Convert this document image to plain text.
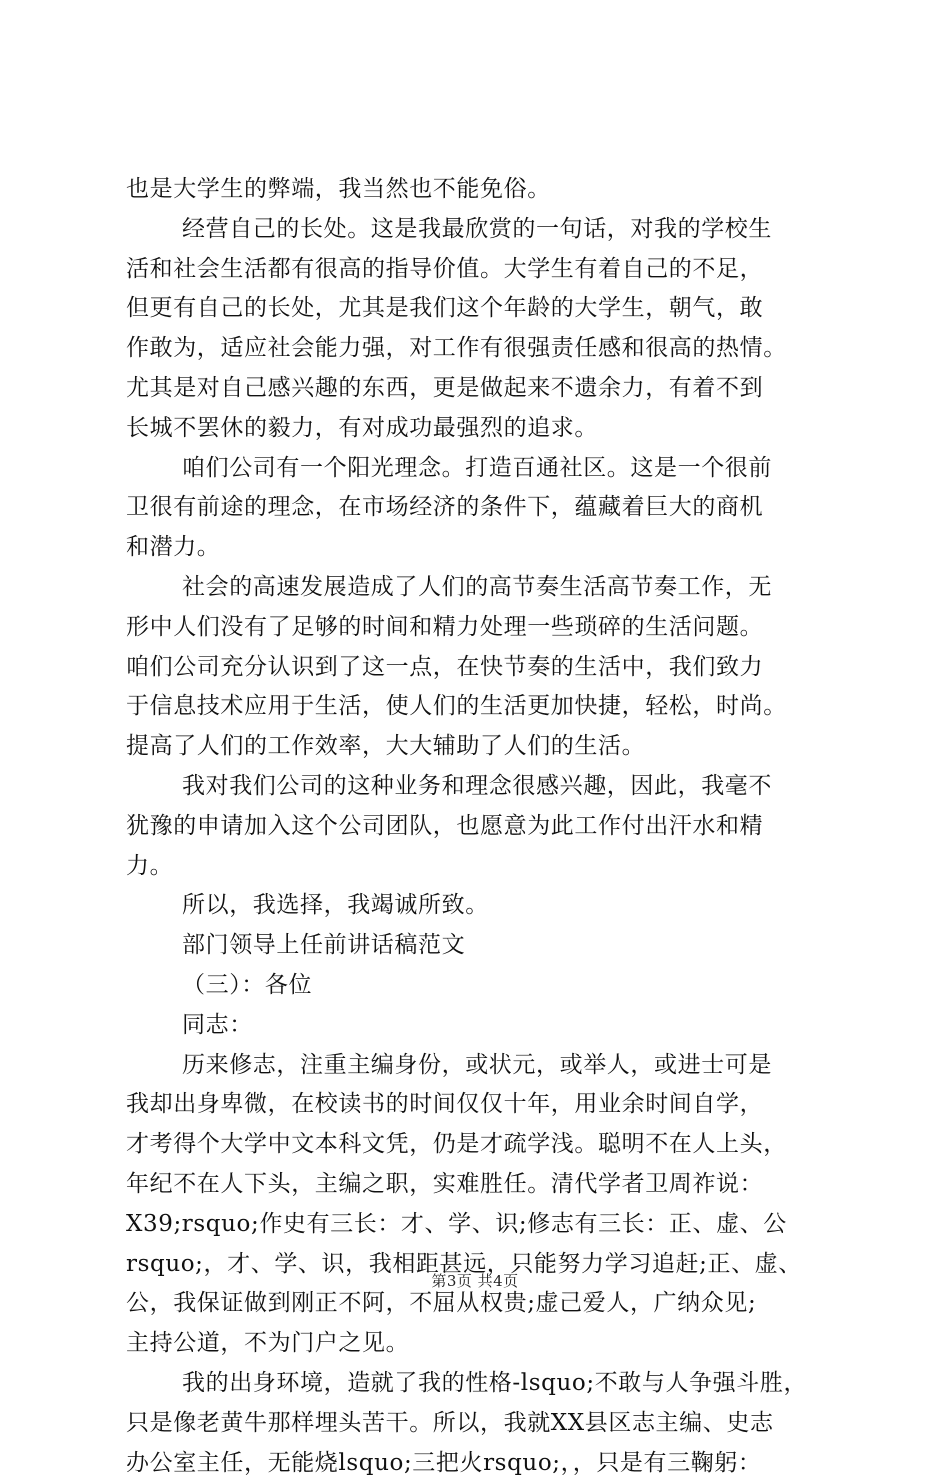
也是大学生的弊端，我当然也不能免俗。
经营自己的长处。这是我最欣赏的一句话，对我的学校生
活和社会生活都有很高的指导价值。大学生有着自己的不足，
但更有自己的长处，尤其是我们这个年龄的大学生，朝气，敢
作敢为，适应社会能力强，对工作有很强责任感和很高的热情。
尤其是对自己感兴趣的东西，更是做起来不遗余力，有着不到
长城不罢休的毅力，有对成功最强烈的追求。
咱们公司有一个阳光理念。打造百通社区。这是一个很前
卫很有前途的理念，在市场经济的条件下，蕴藏着巨大的商机
和潜力。
社会的高速发展造成了人们的高节奏生活高节奏工作，无
形中人们没有了足够的时间和精力处理一些琐碎的生活问题。
咱们公司充分认识到了这一点，在快节奏的生活中，我们致力
于信息技术应用于生活，使人们的生活更加快捷，轻松，时尚。
提高了人们的工作效率，大大辅助了人们的生活。
我对我们公司的这种业务和理念很感兴趣，因此，我毫不
犹豫的申请加入这个公司团队，也愿意为此工作付出汗水和精
力。
所以，我选择，我竭诚所致。
部门领导上任前讲话稿范文
（三）：各位
同志：
历来修志，注重主编身份，或状元，或举人，或进士可是
我却出身卑微，在校读书的时间仅仅十年，用业余时间自学，
才考得个大学中文本科文凭，仍是才疏学浅。聪明不在人上头，
年纪不在人下头，主编之职，实难胜任。清代学者卫周祚说：
X39;rsquo;作史有三长：才、学、识;修志有三长：正、虚、公
rsquo;，才、学、识，我相距甚远，只能努力学习追赶;正、虚、
公，我保证做到刚正不阿，不屈从权贵;虚己爱人，广纳众见;
主持公道，不为门户之见。
我的出身环境，造就了我的性格-lsquo;不敢与人争强斗胜，
只是像老黄牛那样埋头苦干。所以，我就XX县区志主编、史志
办公室主任，无能烧lsquo;三把火rsquo;，，只是有三鞠躬：
第3页 共4页
